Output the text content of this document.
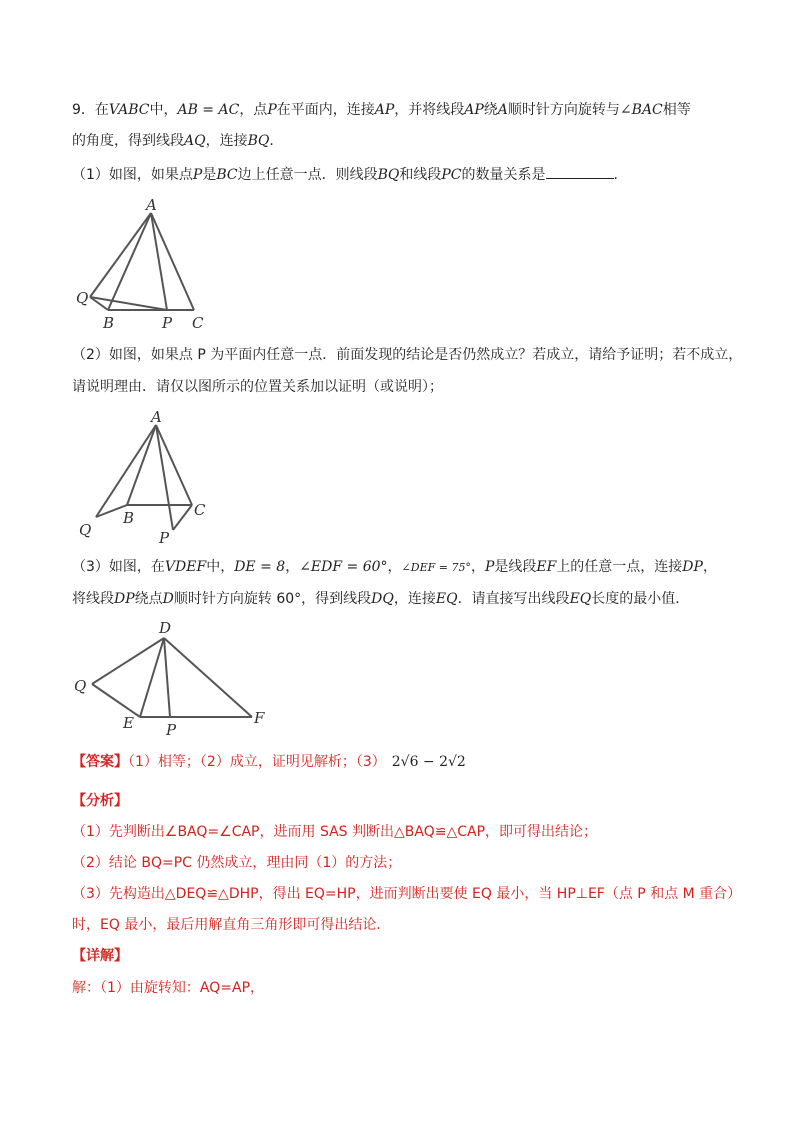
9．在VABC中，AB = AC，点P在平面内，连接AP，并将线段AP绕A顺时针方向旋转与∠BAC相等
的角度，得到线段AQ，连接BQ.
（1）如图，如果点P是BC边上任意一点．则线段BQ和线段PC的数量关系是	.
A
Q
B	P C
（2）如图，如果点 P 为平面内任意一点．前面发现的结论是否仍然成立？若成立，请给予证明；若不成立，
请说明理由．请仅以图所示的位置关系加以证明（或说明）；
A
C
Q
B
P
（3）如图，在VDEF中，DE = 8，∠EDF = 60°，∠DEF = 75°，P是线段EF上的任意一点，连接DP，
将线段DP绕点D顺时针方向旋转 60°，得到线段DQ，连接EQ．请直接写出线段EQ长度的最小值．
D
Q
E P
F
【答案】（1）相等；（2）成立，证明见解析；（3） 2√6 − 2√2
【分析】
（1）先判断出∠BAQ=∠CAP，进而用 SAS 判断出△BAQ≌△CAP，即可得出结论；
（2）结论 BQ=PC 仍然成立，理由同（1）的方法；
（3）先构造出△DEQ≌△DHP，得出 EQ=HP，进而判断出要使 EQ 最小，当 HP⊥EF（点 P 和点 M 重合）
时，EQ 最小，最后用解直角三角形即可得出结论．
【详解】
解：（1）由旋转知：AQ=AP，
